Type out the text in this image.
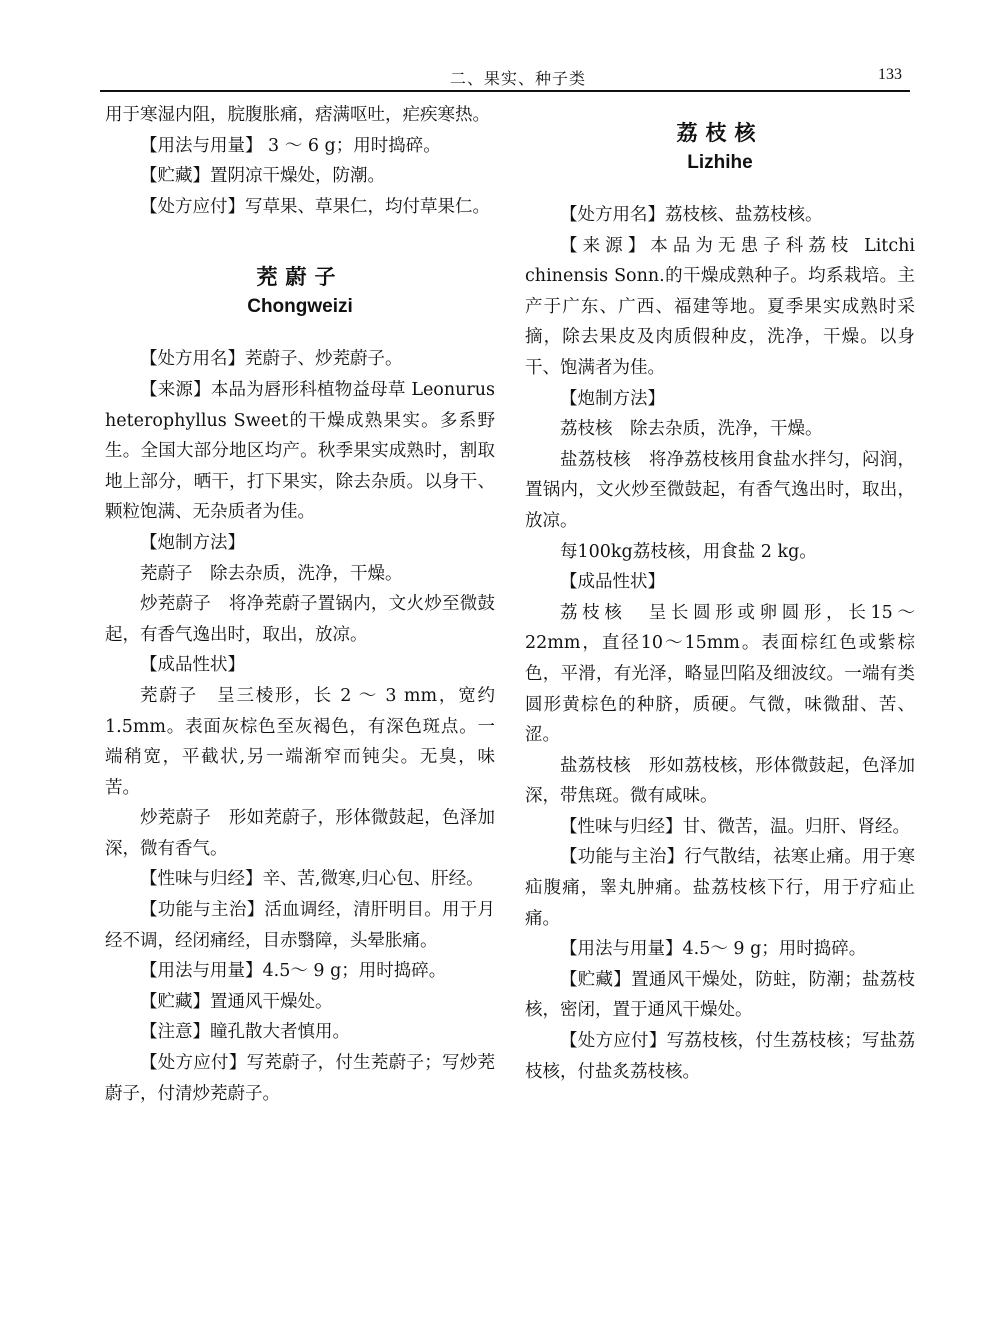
二、果实、种子类	133

用于寒湿内阻，脘腹胀痛，痞满呕吐，疟疾寒热。

【用法与用量】 3 ～ 6 g；用时捣碎。

【贮藏】置阴凉干燥处，防潮。

【处方应付】写草果、草果仁，均付草果仁。

茺蔚子
Chongweizi

【处方用名】茺蔚子、炒茺蔚子。

【来源】本品为唇形科植物益母草 Leonurus heterophyllus Sweet的干燥成熟果实。多系野生。全国大部分地区均产。秋季果实成熟时，割取地上部分，晒干，打下果实，除去杂质。以身干、颗粒饱满、无杂质者为佳。

【炮制方法】

茺蔚子　除去杂质，洗净，干燥。

炒茺蔚子　将净茺蔚子置锅内，文火炒至微鼓起，有香气逸出时，取出，放凉。

【成品性状】

茺蔚子　呈三棱形，长 2 ～ 3 mm，宽约1.5mm。表面灰棕色至灰褐色，有深色斑点。一端稍宽，平截状,另一端渐窄而钝尖。无臭，味苦。

炒茺蔚子　形如茺蔚子，形体微鼓起，色泽加深，微有香气。

【性味与归经】辛、苦,微寒,归心包、肝经。

【功能与主治】活血调经，清肝明目。用于月经不调，经闭痛经，目赤翳障，头晕胀痛。

【用法与用量】4.5～ 9 g；用时捣碎。

【贮藏】置通风干燥处。

【注意】瞳孔散大者慎用。

【处方应付】写茺蔚子，付生茺蔚子；写炒茺蔚子，付清炒茺蔚子。

荔枝核
Lizhihe

【处方用名】荔枝核、盐荔枝核。

【来源】本品为无患子科荔枝 Litchi chinensis Sonn.的干燥成熟种子。均系栽培。主产于广东、广西、福建等地。夏季果实成熟时采摘，除去果皮及肉质假种皮，洗净，干燥。以身干、饱满者为佳。

【炮制方法】

荔枝核　除去杂质，洗净，干燥。

盐荔枝核　将净荔枝核用食盐水拌匀，闷润，置锅内，文火炒至微鼓起，有香气逸出时，取出，放凉。

每100kg荔枝核，用食盐 2 kg。

【成品性状】

荔枝核　呈长圆形或卵圆形，长15～22mm，直径10～15mm。表面棕红色或紫棕色，平滑，有光泽，略显凹陷及细波纹。一端有类圆形黄棕色的种脐，质硬。气微，味微甜、苦、涩。

盐荔枝核　形如荔枝核，形体微鼓起，色泽加深，带焦斑。微有咸味。

【性味与归经】甘、微苦，温。归肝、肾经。

【功能与主治】行气散结，祛寒止痛。用于寒疝腹痛，睾丸肿痛。盐荔枝核下行，用于疗疝止痛。

【用法与用量】4.5～ 9 g；用时捣碎。

【贮藏】置通风干燥处，防蛀，防潮；盐荔枝核，密闭，置于通风干燥处。

【处方应付】写荔枝核，付生荔枝核；写盐荔枝核，付盐炙荔枝核。
